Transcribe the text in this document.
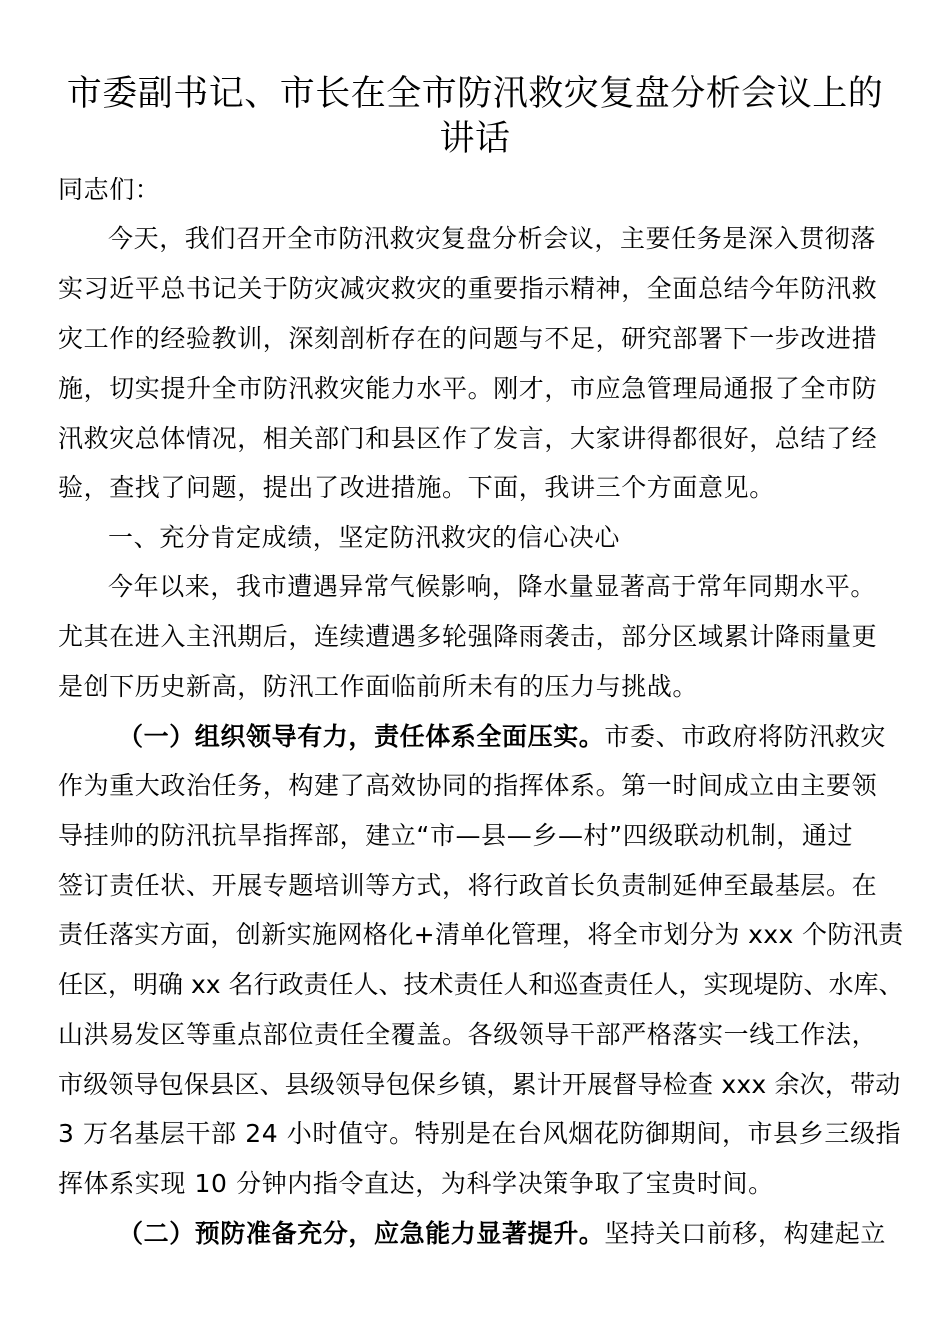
市委副书记、市长在全市防汛救灾复盘分析会议上的
讲话
同志们：
今天，我们召开全市防汛救灾复盘分析会议，主要任务是深入贯彻落
实习近平总书记关于防灾减灾救灾的重要指示精神，全面总结今年防汛救
灾工作的经验教训，深刻剖析存在的问题与不足，研究部署下一步改进措
施，切实提升全市防汛救灾能力水平。刚才，市应急管理局通报了全市防
汛救灾总体情况，相关部门和县区作了发言，大家讲得都很好，总结了经
验，查找了问题，提出了改进措施。下面，我讲三个方面意见。
一、充分肯定成绩，坚定防汛救灾的信心决心
今年以来，我市遭遇异常气候影响，降水量显著高于常年同期水平。
尤其在进入主汛期后，连续遭遇多轮强降雨袭击，部分区域累计降雨量更
是创下历史新高，防汛工作面临前所未有的压力与挑战。
（一）组织领导有力，责任体系全面压实。市委、市政府将防汛救灾
作为重大政治任务，构建了高效协同的指挥体系。第一时间成立由主要领
导挂帅的防汛抗旱指挥部，建立“市—县—乡—村”四级联动机制，通过
签订责任状、开展专题培训等方式，将行政首长负责制延伸至最基层。在
责任落实方面，创新实施网格化+清单化管理，将全市划分为 xxx 个防汛责
任区，明确 xx 名行政责任人、技术责任人和巡查责任人，实现堤防、水库、
山洪易发区等重点部位责任全覆盖。各级领导干部严格落实一线工作法，
市级领导包保县区、县级领导包保乡镇，累计开展督导检查 xxx 余次，带动
3 万名基层干部 24 小时值守。特别是在台风烟花防御期间，市县乡三级指
挥体系实现 10 分钟内指令直达，为科学决策争取了宝贵时间。
（二）预防准备充分，应急能力显著提升。坚持关口前移，构建起立
